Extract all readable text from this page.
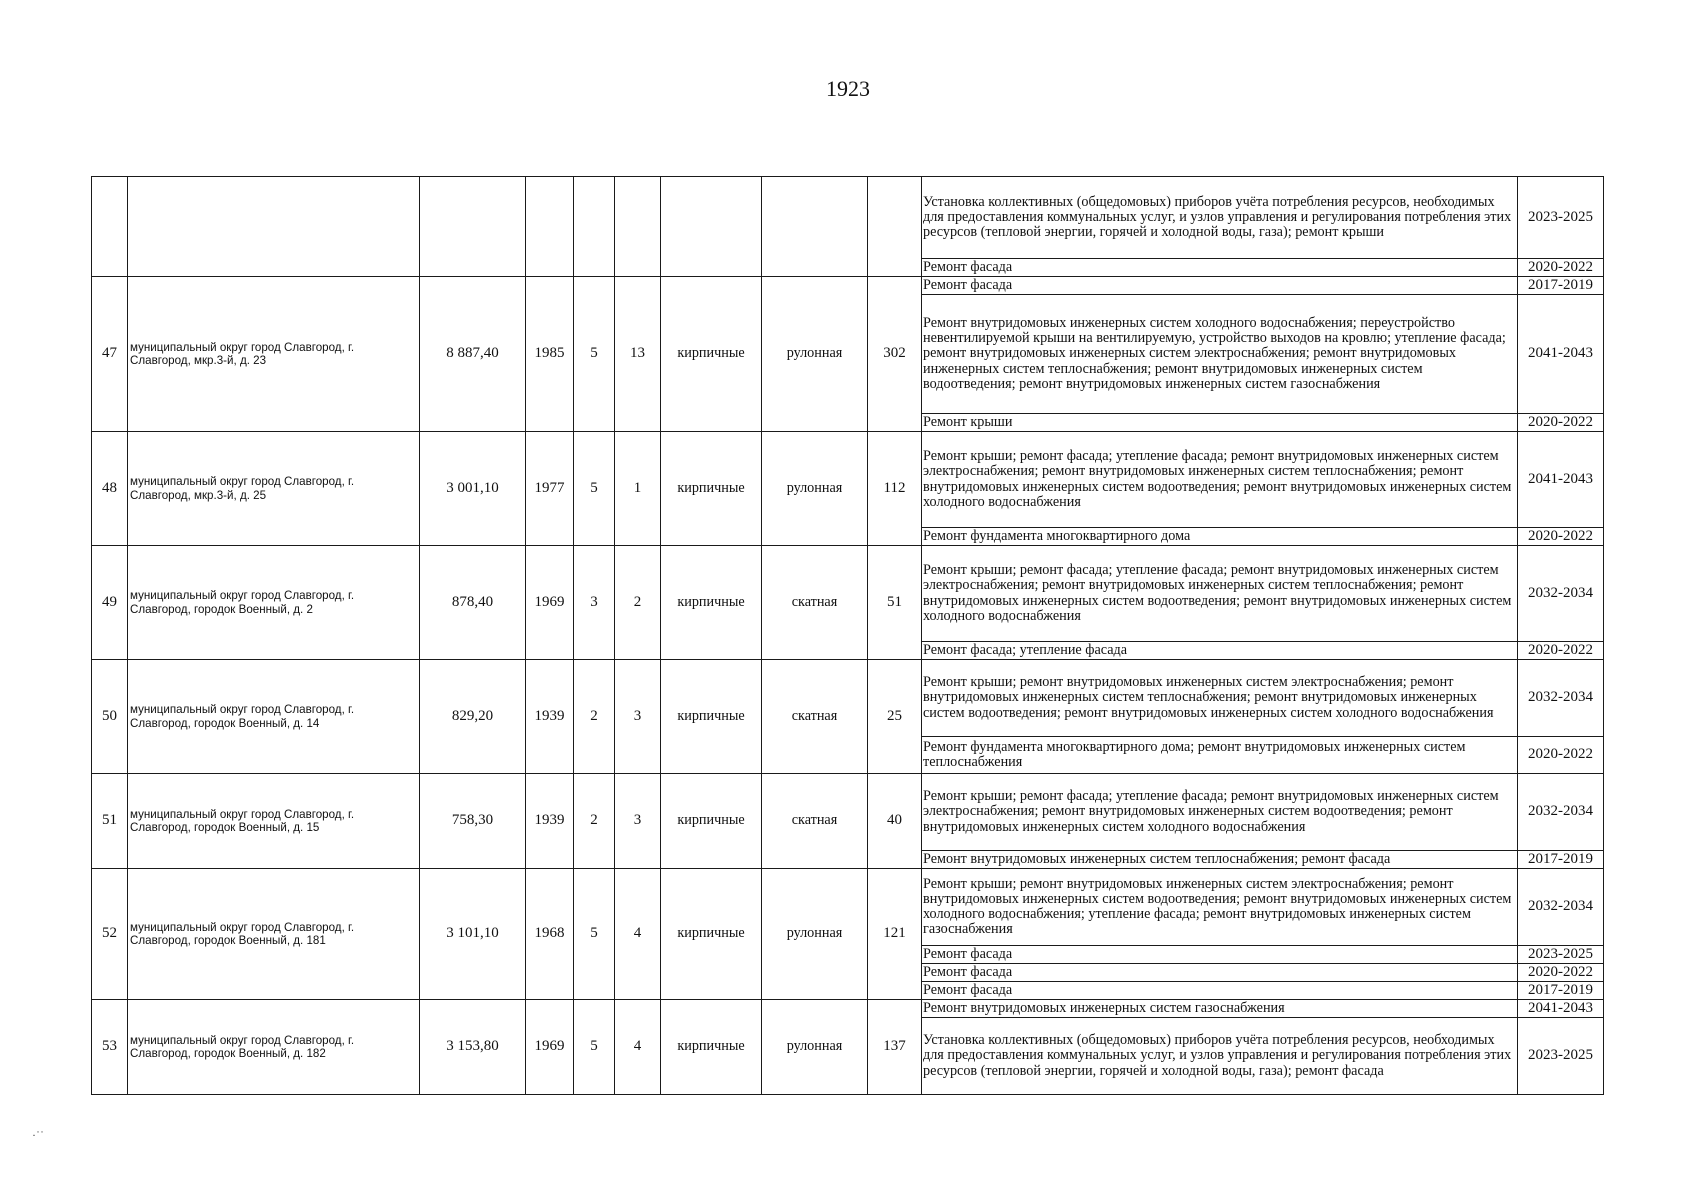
1923
									Установка коллективных (общедомовых) приборов учёта потребления ресурсов, необходимых для предоставления коммунальных услуг, и узлов управления и регулирования потребления этих ресурсов (тепловой энергии, горячей и холодной воды, газа); ремонт крыши	2023-2025
									Ремонт фасада	2020-2022
47	муниципальный округ город Славгород, г. Славгород, мкр.3-й, д. 23	8 887,40	1985	5	13	кирпичные	рулонная	302	Ремонт фасада	2017-2019
									Ремонт внутридомовых инженерных систем холодного водоснабжения; переустройство невентилируемой крыши на вентилируемую, устройство выходов на кровлю; утепление фасада; ремонт внутридомовых инженерных систем электроснабжения; ремонт внутридомовых инженерных систем теплоснабжения; ремонт внутридомовых инженерных систем водоотведения; ремонт внутридомовых инженерных систем газоснабжения	2041-2043
									Ремонт крыши	2020-2022
48	муниципальный округ город Славгород, г. Славгород, мкр.3-й, д. 25	3 001,10	1977	5	1	кирпичные	рулонная	112	Ремонт крыши; ремонт фасада; утепление фасада; ремонт внутридомовых инженерных систем электроснабжения; ремонт внутридомовых инженерных систем теплоснабжения; ремонт внутридомовых инженерных систем водоотведения; ремонт внутридомовых инженерных систем холодного водоснабжения	2041-2043
									Ремонт фундамента многоквартирного дома	2020-2022
49	муниципальный округ город Славгород, г. Славгород, городок Военный, д. 2	878,40	1969	3	2	кирпичные	скатная	51	Ремонт крыши; ремонт фасада; утепление фасада; ремонт внутридомовых инженерных систем электроснабжения; ремонт внутридомовых инженерных систем теплоснабжения; ремонт внутридомовых инженерных систем водоотведения; ремонт внутридомовых инженерных систем холодного водоснабжения	2032-2034
									Ремонт фасада; утепление фасада	2020-2022
50	муниципальный округ город Славгород, г. Славгород, городок Военный, д. 14	829,20	1939	2	3	кирпичные	скатная	25	Ремонт крыши; ремонт внутридомовых инженерных систем электроснабжения; ремонт внутридомовых инженерных систем теплоснабжения; ремонт внутридомовых инженерных систем водоотведения; ремонт внутридомовых инженерных систем холодного водоснабжения	2032-2034
									Ремонт фундамента многоквартирного дома; ремонт внутридомовых инженерных систем теплоснабжения	2020-2022
51	муниципальный округ город Славгород, г. Славгород, городок Военный, д. 15	758,30	1939	2	3	кирпичные	скатная	40	Ремонт крыши; ремонт фасада; утепление фасада; ремонт внутридомовых инженерных систем электроснабжения; ремонт внутридомовых инженерных систем водоотведения; ремонт внутридомовых инженерных систем холодного водоснабжения	2032-2034
									Ремонт внутридомовых инженерных систем теплоснабжения; ремонт фасада	2017-2019
52	муниципальный округ город Славгород, г. Славгород, городок Военный, д. 181	3 101,10	1968	5	4	кирпичные	рулонная	121	Ремонт крыши; ремонт внутридомовых инженерных систем электроснабжения; ремонт внутридомовых инженерных систем водоотведения; ремонт внутридомовых инженерных систем холодного водоснабжения; утепление фасада; ремонт внутридомовых инженерных систем газоснабжения	2032-2034
									Ремонт фасада	2023-2025
									Ремонт фасада	2020-2022
									Ремонт фасада	2017-2019
53	муниципальный округ город Славгород, г. Славгород, городок Военный, д. 182	3 153,80	1969	5	4	кирпичные	рулонная	137	Ремонт внутридомовых инженерных систем газоснабжения	2041-2043
									Установка коллективных (общедомовых) приборов учёта потребления ресурсов, необходимых для предоставления коммунальных услуг, и узлов управления и регулирования потребления этих ресурсов (тепловой энергии, горячей и холодной воды, газа); ремонт фасада	2023-2025
·˙˙
